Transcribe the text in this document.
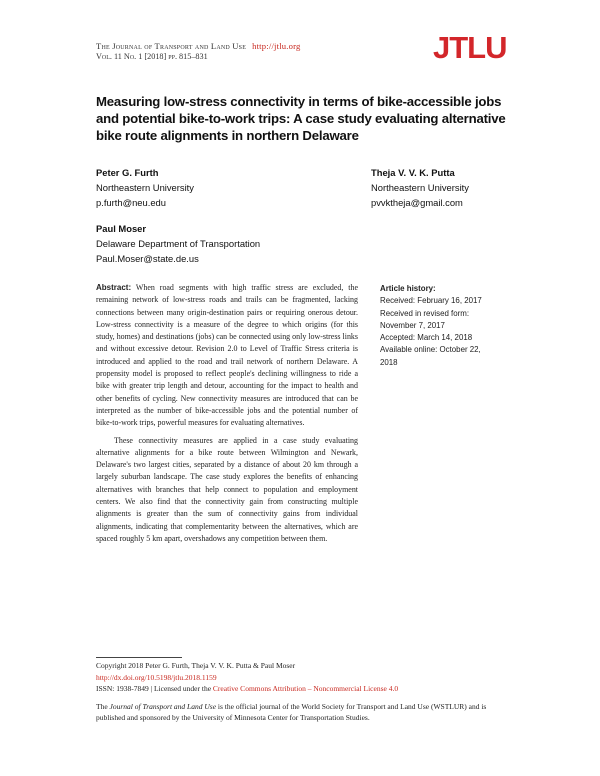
The Journal of Transport and Land Use http://jtlu.org
Vol. 11 No. 1 [2018] pp. 815–831	JTLU
Measuring low-stress connectivity in terms of bike-accessible jobs and potential bike-to-work trips: A case study evaluating alternative bike route alignments in northern Delaware
Peter G. Furth
Northeastern University
p.furth@neu.edu
Theja V. V. K. Putta
Northeastern University
pvvktheja@gmail.com
Paul Moser
Delaware Department of Transportation
Paul.Moser@state.de.us

Abstract: When road segments with high traffic stress are excluded, the remaining network of low-stress roads and trails can be fragmented, lacking connections between many origin-destination pairs or requiring onerous detour. Low-stress connectivity is a measure of the degree to which origins (for this study, homes) and destinations (jobs) can be connected using only low-stress links and without excessive detour. Revision 2.0 to Level of Traffic Stress criteria is introduced and applied to the road and trail network of northern Delaware. A propensity model is proposed to reflect people's declining willingness to ride a bike with greater trip length and detour, accounting for the impact to health and other benefits of cycling. New connectivity measures are introduced that can be interpreted as the number of bike-accessible jobs and the potential number of bike-to-work trips, powerful measures for evaluating alternatives.

These connectivity measures are applied in a case study evaluating alternative alignments for a bike route between Wilmington and Newark, Delaware's two largest cities, separated by a distance of about 20 km through a largely suburban landscape. The case study explores the benefits of enhancing alternatives with branches that help connect to population and employment centers. We also find that the connectivity gain from constructing multiple alignments is greater than the sum of connectivity gains from individual alignments, indicating that complementarity between the alternatives, which are spaced roughly 5 km apart, overshadows any competition between them.

Article history:
Received: February 16, 2017
Received in revised form:
November 7, 2017
Accepted: March 14, 2018
Available online: October 22,
2018
Copyright 2018 Peter G. Furth, Theja V. V. K. Putta & Paul Moser
http://dx.doi.org/10.5198/jtlu.2018.1159
ISSN: 1938-7849 | Licensed under the Creative Commons Attribution – Noncommercial License 4.0
The Journal of Transport and Land Use is the official journal of the World Society for Transport and Land Use (WSTLUR) and is published and sponsored by the University of Minnesota Center for Transportation Studies.
